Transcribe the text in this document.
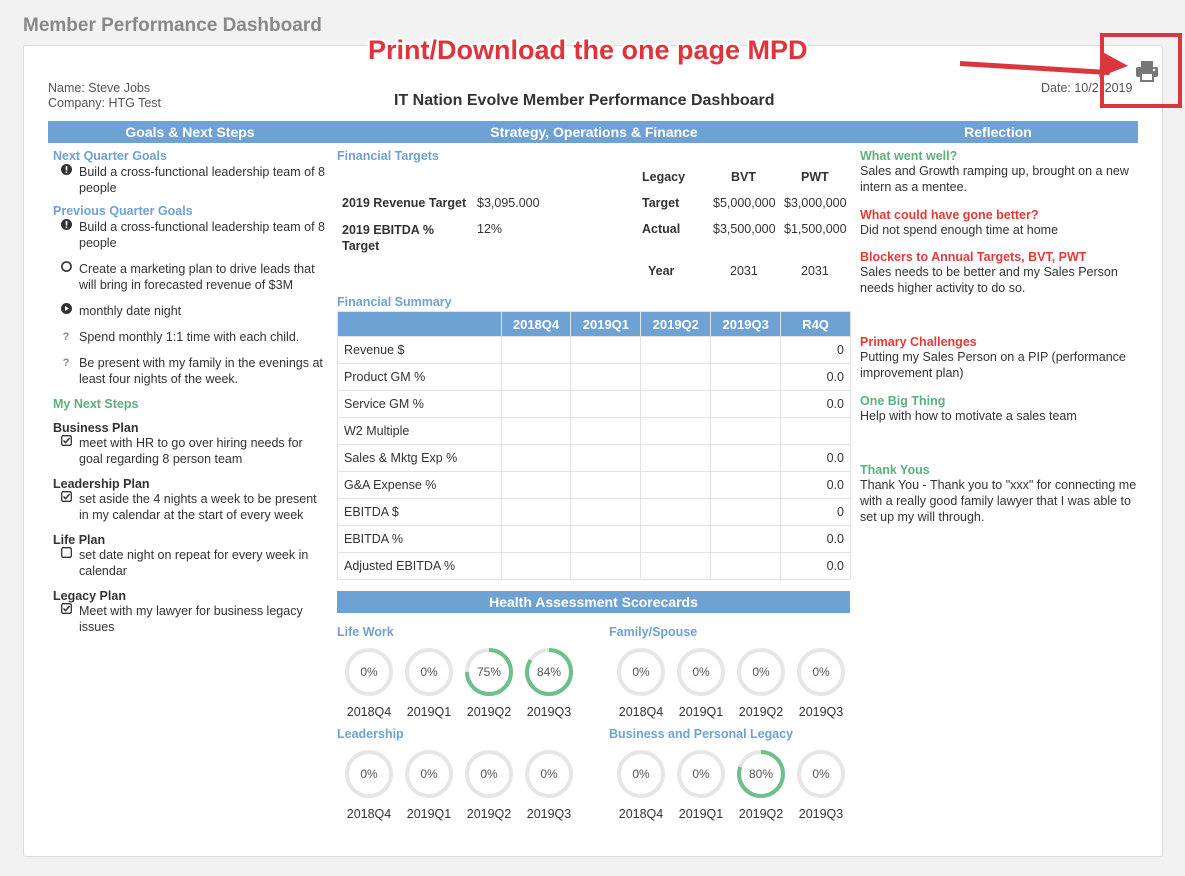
Member Performance Dashboard
Name: Steve Jobs
Company: HTG Test	IT Nation Evolve Member Performance Dashboard
Date: 10/2 /2019
Goals & Next Steps	Strategy, Operations & Finance	Reflection
Next Quarter Goals
Build a cross-functional leadership team of 8 people
Previous Quarter Goals
Build a cross-functional leadership team of 8 people
Create a marketing plan to drive leads that will bring in forecasted revenue of $3M
monthly date night
? Spend monthly 1:1 time with each child.
? Be present with my family in the evenings at least four nights of the week.
My Next Steps
Business Plan
meet with HR to go over hiring needs for goal regarding 8 person team
Leadership Plan
set aside the 4 nights a week to be present in my calendar at the start of every week
Life Plan
set date night on repeat for every week in calendar
Legacy Plan
Meet with my lawyer for business legacy issues
Financial Targets
Legacy	BVT	PWT
2019 Revenue Target $3,095.000	Target	$5,000,000 $3,000,000
2019 EBITDA % Target
12%	Actual	$3,500,000 $1,500,000
Year	2031	2031
Financial Summary
	2018Q4	2019Q1	2019Q2	2019Q3	R4Q
Revenue $					0
Product GM %					0.0
Service GM %					0.0
W2 Multiple					
Sales & Mktg Exp %					0.0
G&A Expense %					0.0
EBITDA $					0
EBITDA %					0.0
Adjusted EBITDA %					0.0
Health Assessment Scorecards
Life Work
0%
2018Q4
0%
2019Q1
75%
2019Q2
84%
2019Q3
Family/Spouse
0%
2018Q4
0%
2019Q1
0%
2019Q2
0%
2019Q3
Leadership
0%
2018Q4
0%
2019Q1
0%
2019Q2
0%
2019Q3
Business and Personal Legacy
0%
2018Q4
0%
2019Q1
80%
2019Q2
0%
2019Q3
What went well?
Sales and Growth ramping up, brought on a new intern as a mentee.
What could have gone better?
Did not spend enough time at home
Blockers to Annual Targets, BVT, PWT
Sales needs to be better and my Sales Person needs higher activity to do so.
Primary Challenges
Putting my Sales Person on a PIP (performance improvement plan)
One Big Thing
Help with how to motivate a sales team
Thank Yous
Thank You - Thank you to "xxx" for connecting me with a really good family lawyer that I was able to set up my will through.
Print/Download the one page MPD
